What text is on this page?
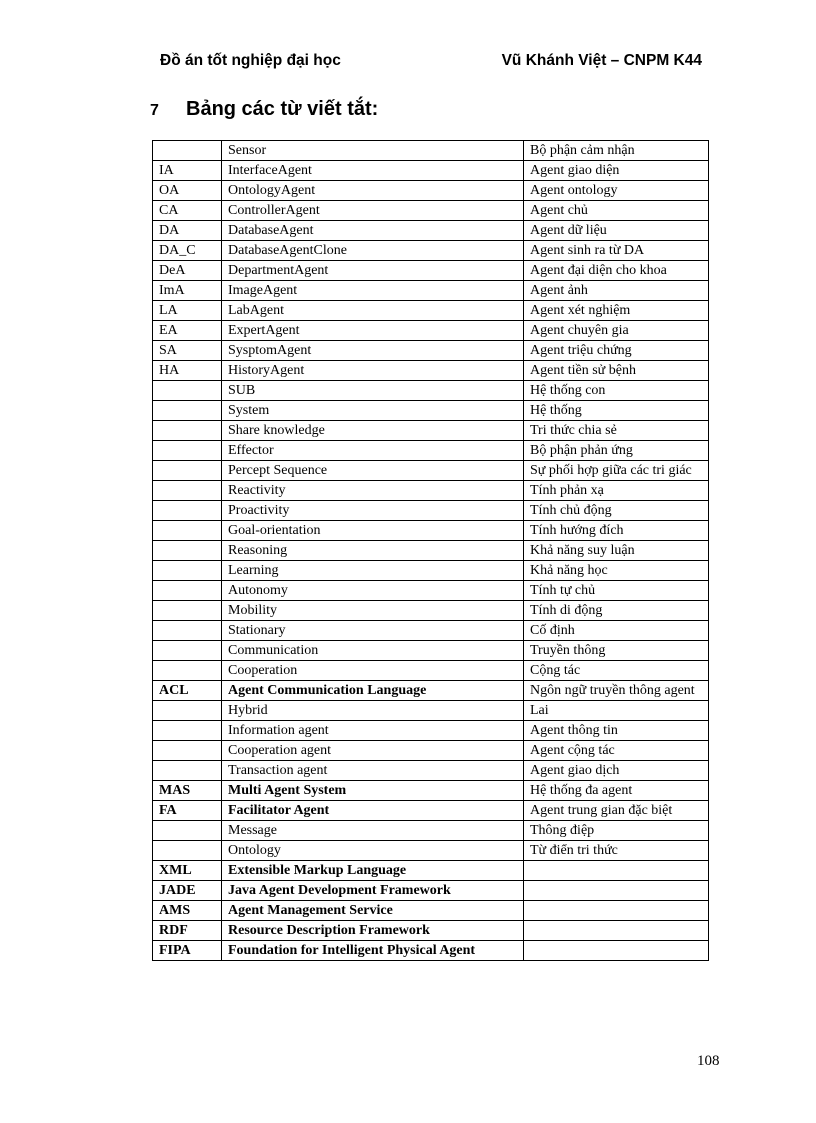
Đồ án tốt nghiệp đại học	Vũ Khánh Việt – CNPM K44
7 Bảng các từ viết tắt:
	Sensor	Bộ phận cảm nhận
IA	InterfaceAgent	Agent giao diện
OA	OntologyAgent	Agent ontology
CA	ControllerAgent	Agent chủ
DA	DatabaseAgent	Agent dữ liệu
DA_C	DatabaseAgentClone	Agent sinh ra từ DA
DeA	DepartmentAgent	Agent đại diện cho khoa
ImA	ImageAgent	Agent ảnh
LA	LabAgent	Agent xét nghiệm
EA	ExpertAgent	Agent chuyên gia
SA	SysptomAgent	Agent triệu chứng
HA	HistoryAgent	Agent tiền sử bệnh
	SUB	Hệ thống con
	System	Hệ thống
	Share knowledge	Tri thức chia sẻ
	Effector	Bộ phận phản ứng
	Percept Sequence	Sự phối hợp giữa các tri giác
	Reactivity	Tính phản xạ
	Proactivity	Tính chủ động
	Goal-orientation	Tính hướng đích
	Reasoning	Khả năng suy luận
	Learning	Khả năng học
	Autonomy	Tính tự chủ
	Mobility	Tính di động
	Stationary	Cố định
	Communication	Truyền thông
	Cooperation	Cộng tác
ACL	Agent Communication Language	Ngôn ngữ truyền thông agent
	Hybrid	Lai
	Information agent	Agent thông tin
	Cooperation agent	Agent cộng tác
	Transaction agent	Agent giao dịch
MAS	Multi Agent System	Hệ thống đa agent
FA	Facilitator Agent	Agent trung gian đặc biệt
	Message	Thông điệp
	Ontology	Từ điển tri thức
XML	Extensible Markup Language	
JADE	Java Agent Development Framework	
AMS	Agent Management Service	
RDF	Resource Description Framework	
FIPA	Foundation for Intelligent Physical Agent	
108
